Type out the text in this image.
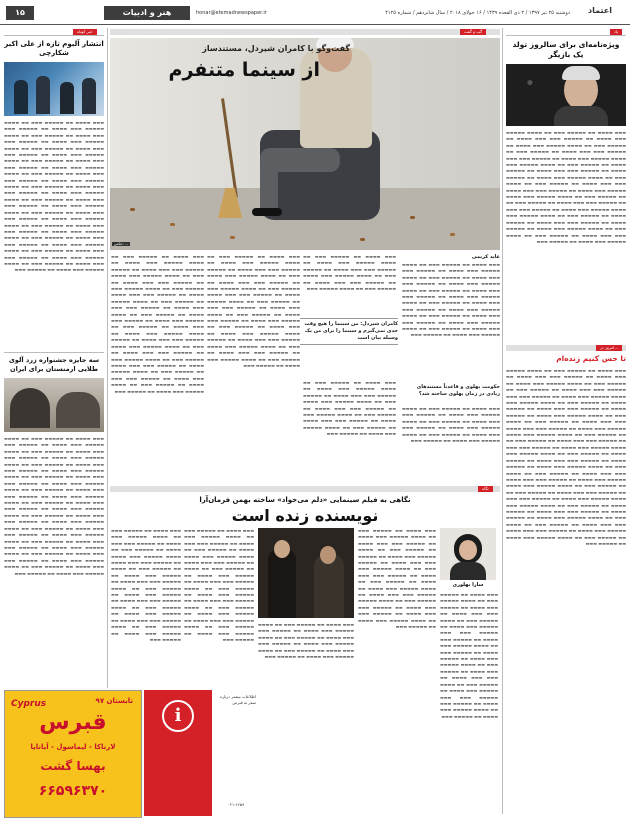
۱۵	هنر و ادبیات	honar@etemadnewspaper.ir	دوشنبه ۲۵ تیر ۱۳۹۷ / ۲ ذی القعده ۱۴۳۹ / ۱۶ جولای ۲۰۱۸ / سال شانزدهم / شماره ۴۱۲۵	اعتماد
خبر کوتاه
انتشار آلبوم تازه از علی اکبر شکارچی
▬▬▬ ▬▬▬▬ ▬▬ ▬▬▬▬▬ ▬▬▬ ▬▬ ▬▬▬▬ ▬▬▬▬▬ ▬▬▬ ▬▬▬▬ ▬▬ ▬▬▬▬▬ ▬▬▬ ▬▬▬ ▬▬▬▬ ▬▬ ▬▬▬▬▬ ▬▬▬ ▬▬ ▬▬▬▬ ▬▬▬▬▬ ▬▬▬ ▬▬▬▬ ▬▬ ▬▬▬▬▬ ▬▬▬ ▬▬▬ ▬▬▬▬ ▬▬ ▬▬▬▬▬ ▬▬▬ ▬▬ ▬▬▬▬ ▬▬▬▬▬ ▬▬▬ ▬▬▬▬ ▬▬ ▬▬▬▬▬ ▬▬▬ ▬▬▬ ▬▬▬▬ ▬▬ ▬▬▬▬▬ ▬▬▬ ▬▬ ▬▬▬▬ ▬▬▬▬▬ ▬▬▬ ▬▬▬▬ ▬▬ ▬▬▬▬▬ ▬▬▬ ▬▬▬ ▬▬▬▬ ▬▬ ▬▬▬▬▬ ▬▬▬ ▬▬ ▬▬▬▬ ▬▬▬▬▬ ▬▬▬ ▬▬▬▬ ▬▬ ▬▬▬▬▬ ▬▬▬ ▬▬▬ ▬▬▬▬ ▬▬ ▬▬▬▬▬ ▬▬▬ ▬▬ ▬▬▬▬ ▬▬▬▬▬ ▬▬▬ ▬▬▬▬ ▬▬ ▬▬▬▬▬ ▬▬▬ ▬▬▬ ▬▬▬▬ ▬▬ ▬▬▬▬▬ ▬▬▬ ▬▬ ▬▬▬▬ ▬▬▬▬▬ ▬▬▬ ▬▬▬▬ ▬▬ ▬▬▬▬▬ ▬▬▬ ▬▬▬ ▬▬▬▬ ▬▬ ▬▬▬▬▬ ▬▬▬ ▬▬ ▬▬▬▬ ▬▬▬▬▬ ▬▬▬ ▬▬▬▬ ▬▬ ▬▬▬▬▬ ▬▬▬ ▬▬▬ ▬▬▬▬ ▬▬ ▬▬▬▬▬ ▬▬▬ ▬▬ ▬▬▬▬ ▬▬▬▬▬ ▬▬▬ ▬▬▬▬ ▬▬ ▬▬▬▬▬ ▬▬▬ ▬▬▬ ▬▬▬▬ ▬▬ ▬▬▬▬▬ ▬▬▬ ▬▬ ▬▬▬▬ ▬▬▬▬▬ ▬▬▬ ▬▬▬▬ ▬▬ ▬▬▬▬▬ ▬▬▬ ▬▬▬ ▬▬▬▬ ▬▬ ▬▬▬▬▬ ▬▬▬ ▬▬ ▬▬▬▬ ▬▬▬▬▬ ▬▬▬ ▬▬▬▬ ▬▬ ▬▬▬▬▬ ▬▬▬ ▬▬▬ ▬▬▬▬ ▬▬ ▬▬▬▬▬ ▬▬▬ ▬▬ ▬▬▬▬ ▬▬▬▬▬ ▬▬▬ ▬▬▬▬ ▬▬ ▬▬▬▬▬ ▬▬▬
سه جایزه جشنواره زرد آلوی طلایی ارمنستان برای ایران
▬▬▬ ▬▬▬▬ ▬▬ ▬▬▬▬▬ ▬▬▬ ▬▬ ▬▬▬▬ ▬▬▬▬▬ ▬▬▬ ▬▬▬▬ ▬▬ ▬▬▬▬▬ ▬▬▬ ▬▬▬ ▬▬▬▬ ▬▬ ▬▬▬▬▬ ▬▬▬ ▬▬ ▬▬▬▬ ▬▬▬▬▬ ▬▬▬ ▬▬▬▬ ▬▬ ▬▬▬▬▬ ▬▬▬ ▬▬▬ ▬▬▬▬ ▬▬ ▬▬▬▬▬ ▬▬▬ ▬▬ ▬▬▬▬ ▬▬▬▬▬ ▬▬▬ ▬▬▬▬ ▬▬ ▬▬▬▬▬ ▬▬▬ ▬▬▬ ▬▬▬▬ ▬▬ ▬▬▬▬▬ ▬▬▬ ▬▬ ▬▬▬▬ ▬▬▬▬▬ ▬▬▬ ▬▬▬▬ ▬▬ ▬▬▬▬▬ ▬▬▬ ▬▬▬ ▬▬▬▬ ▬▬ ▬▬▬▬▬ ▬▬▬ ▬▬ ▬▬▬▬ ▬▬▬▬▬ ▬▬▬ ▬▬▬▬ ▬▬ ▬▬▬▬▬ ▬▬▬ ▬▬▬ ▬▬▬▬ ▬▬ ▬▬▬▬▬ ▬▬▬ ▬▬ ▬▬▬▬ ▬▬▬▬▬ ▬▬▬ ▬▬▬▬ ▬▬ ▬▬▬▬▬ ▬▬▬ ▬▬▬ ▬▬▬▬ ▬▬ ▬▬▬▬▬ ▬▬▬ ▬▬ ▬▬▬▬ ▬▬▬▬▬ ▬▬▬ ▬▬▬▬ ▬▬ ▬▬▬▬▬ ▬▬▬ ▬▬▬ ▬▬▬▬ ▬▬ ▬▬▬▬▬ ▬▬▬ ▬▬ ▬▬▬▬ ▬▬▬▬▬ ▬▬▬ ▬▬▬▬ ▬▬ ▬▬▬▬▬ ▬▬▬ ▬▬▬ ▬▬▬▬ ▬▬ ▬▬▬▬▬ ▬▬▬ ▬▬ ▬▬▬▬ ▬▬▬▬▬ ▬▬▬ ▬▬▬▬ ▬▬ ▬▬▬▬▬ ▬▬▬ ▬▬▬ ▬▬▬▬ ▬▬ ▬▬▬▬▬ ▬▬▬ ▬▬ ▬▬▬▬ ▬▬▬▬▬ ▬▬▬ ▬▬▬▬ ▬▬ ▬▬▬▬▬ ▬▬▬ ▬▬▬ ▬▬▬▬ ▬▬ ▬▬▬▬▬ ▬▬▬ ▬▬ ▬▬▬▬ ▬▬▬▬▬ ▬▬▬ ▬▬▬▬ ▬▬ ▬▬▬▬▬ ▬▬▬
گپ و گفت
گفت‌وگو با کامران شیردل، مستند‌ساز
از سینما متنفرم
عکس: ...
▬▬▬ ▬▬▬▬ ▬▬ ▬▬▬▬▬ ▬▬▬ ▬▬ ▬▬▬▬ ▬▬▬▬▬ ▬▬▬ ▬▬▬▬ ▬▬ ▬▬▬▬▬ ▬▬▬ ▬▬▬ ▬▬▬▬ ▬▬ ▬▬▬▬▬ ▬▬▬ ▬▬ ▬▬▬▬ ▬▬▬▬▬ ▬▬▬ ▬▬▬▬ ▬▬ ▬▬▬▬▬ ▬▬▬ ▬▬▬ ▬▬▬▬ ▬▬ ▬▬▬▬▬ ▬▬▬ ▬▬ ▬▬▬▬ ▬▬▬▬▬ ▬▬▬ ▬▬▬▬ ▬▬ ▬▬▬▬▬ ▬▬▬ ▬▬▬ ▬▬▬▬ ▬▬ ▬▬▬▬▬ ▬▬▬ ▬▬ ▬▬▬▬ ▬▬▬▬▬ ▬▬▬ ▬▬▬▬ ▬▬ ▬▬▬▬▬ ▬▬▬ ▬▬▬ ▬▬▬▬ ▬▬ ▬▬▬▬▬ ▬▬▬ ▬▬ ▬▬▬▬ ▬▬▬▬▬ ▬▬▬ ▬▬▬▬ ▬▬ ▬▬▬▬▬ ▬▬▬ ▬▬▬ ▬▬▬▬ ▬▬ ▬▬▬▬▬ ▬▬▬ ▬▬ ▬▬▬▬ ▬▬▬▬▬ ▬▬▬ ▬▬▬▬ ▬▬ ▬▬▬▬▬ ▬▬▬ ▬▬▬ ▬▬▬▬ ▬▬ ▬▬▬▬▬ ▬▬▬ ▬▬ ▬▬▬▬ ▬▬▬▬▬ ▬▬▬ ▬▬▬▬ ▬▬ ▬▬▬▬▬ ▬▬▬ ▬▬▬ ▬▬▬▬ ▬▬ ▬▬▬▬▬ ▬▬▬ ▬▬ ▬▬▬▬ ▬▬▬▬▬ ▬▬▬ ▬▬▬▬ ▬▬ ▬▬▬▬▬ ▬▬▬ ▬▬▬ ▬▬▬▬ ▬▬ ▬▬▬▬▬ ▬▬▬ ▬▬ ▬▬▬▬ ▬▬▬▬▬ ▬▬▬ ▬▬▬▬ ▬▬ ▬▬▬▬▬ ▬▬▬ ▬▬▬ ▬▬▬▬ ▬▬ ▬▬▬▬▬ ▬▬▬ ▬▬ ▬▬▬▬ ▬▬▬▬▬ ▬▬▬ ▬▬▬▬ ▬▬ ▬▬▬▬▬ ▬▬▬
▬▬▬ ▬▬▬▬ ▬▬ ▬▬▬▬▬ ▬▬▬ ▬▬ ▬▬▬▬ ▬▬▬▬▬ ▬▬▬ ▬▬▬▬ ▬▬ ▬▬▬▬▬ ▬▬▬ ▬▬▬ ▬▬▬▬ ▬▬ ▬▬▬▬▬ ▬▬▬ ▬▬ ▬▬▬▬ ▬▬▬▬▬ ▬▬▬ ▬▬▬▬ ▬▬ ▬▬▬▬▬ ▬▬▬ ▬▬▬ ▬▬▬▬ ▬▬ ▬▬▬▬▬ ▬▬▬ ▬▬ ▬▬▬▬ ▬▬▬▬▬ ▬▬▬ ▬▬▬▬ ▬▬ ▬▬▬▬▬ ▬▬▬ ▬▬▬ ▬▬▬▬ ▬▬ ▬▬▬▬▬ ▬▬▬ ▬▬ ▬▬▬▬ ▬▬▬▬▬ ▬▬▬ ▬▬▬▬ ▬▬ ▬▬▬▬▬ ▬▬▬ ▬▬▬ ▬▬▬▬ ▬▬ ▬▬▬▬▬ ▬▬▬ ▬▬ ▬▬▬▬ ▬▬▬▬▬ ▬▬▬ ▬▬▬▬ ▬▬ ▬▬▬▬▬ ▬▬▬ ▬▬▬ ▬▬▬▬ ▬▬ ▬▬▬▬▬ ▬▬▬ ▬▬ ▬▬▬▬ ▬▬▬▬▬ ▬▬▬ ▬▬▬▬ ▬▬ ▬▬▬▬▬ ▬▬▬ ▬▬▬ ▬▬▬▬ ▬▬ ▬▬▬▬▬ ▬▬▬ ▬▬ ▬▬▬▬ ▬▬▬▬▬ ▬▬▬ ▬▬▬▬ ▬▬ ▬▬▬▬▬ ▬▬▬ ▬▬▬ ▬▬▬▬ ▬▬ ▬▬▬▬▬ ▬▬▬ ▬▬ ▬▬▬▬ ▬▬▬▬▬ ▬▬▬ ▬▬▬▬ ▬▬ ▬▬▬▬▬ ▬▬▬
کامران شیردل: من سینما را هیچ وقت جدی نمی‌گیرم و سینما را برای من یک وسیله بیان است
▬▬▬ ▬▬▬▬ ▬▬ ▬▬▬▬▬ ▬▬▬ ▬▬ ▬▬▬▬ ▬▬▬▬▬ ▬▬▬ ▬▬▬▬ ▬▬ ▬▬▬▬▬ ▬▬▬ ▬▬▬ ▬▬▬▬ ▬▬ ▬▬▬▬▬ ▬▬▬ ▬▬ ▬▬▬▬ ▬▬▬▬▬ ▬▬▬ ▬▬▬▬ ▬▬ ▬▬▬▬▬ ▬▬▬ ▬▬▬ ▬▬▬▬ ▬▬ ▬▬▬▬▬ ▬▬▬ ▬▬ ▬▬▬▬ ▬▬▬▬▬ ▬▬▬
▬▬▬ ▬▬▬▬ ▬▬ ▬▬▬▬▬ ▬▬▬ ▬▬ ▬▬▬▬ ▬▬▬▬▬ ▬▬▬ ▬▬▬▬ ▬▬ ▬▬▬▬▬ ▬▬▬ ▬▬▬ ▬▬▬▬ ▬▬ ▬▬▬▬▬ ▬▬▬ ▬▬ ▬▬▬▬ ▬▬▬▬▬ ▬▬▬ ▬▬▬▬ ▬▬ ▬▬▬▬▬ ▬▬▬ ▬▬▬ ▬▬▬▬ ▬▬ ▬▬▬▬▬ ▬▬▬ ▬▬ ▬▬▬▬ ▬▬▬▬▬ ▬▬▬ ▬▬▬▬ ▬▬ ▬▬▬▬▬ ▬▬▬ ▬▬▬ ▬▬▬▬ ▬▬ ▬▬▬▬▬ ▬▬▬ ▬▬ ▬▬▬▬ ▬▬▬▬▬ ▬▬▬ ▬▬▬▬ ▬▬ ▬▬▬▬▬ ▬▬▬
عاید کریمی
▬▬▬ ▬▬▬▬ ▬▬ ▬▬▬▬▬ ▬▬▬ ▬▬ ▬▬▬▬ ▬▬▬▬▬ ▬▬▬ ▬▬▬▬ ▬▬ ▬▬▬▬▬ ▬▬▬ ▬▬▬ ▬▬▬▬ ▬▬ ▬▬▬▬▬ ▬▬▬ ▬▬ ▬▬▬▬ ▬▬▬▬▬ ▬▬▬ ▬▬▬▬ ▬▬ ▬▬▬▬▬ ▬▬▬ ▬▬▬ ▬▬▬▬ ▬▬ ▬▬▬▬▬ ▬▬▬ ▬▬ ▬▬▬▬ ▬▬▬▬▬ ▬▬▬ ▬▬▬▬ ▬▬ ▬▬▬▬▬ ▬▬▬ ▬▬▬ ▬▬▬▬ ▬▬ ▬▬▬▬▬ ▬▬▬ ▬▬ ▬▬▬▬ ▬▬▬▬▬ ▬▬▬ ▬▬▬▬ ▬▬ ▬▬▬▬▬ ▬▬▬ ▬▬▬ ▬▬▬▬ ▬▬ ▬▬▬▬▬ ▬▬▬ ▬▬ ▬▬▬▬ ▬▬▬▬▬ ▬▬▬ ▬▬▬▬ ▬▬ ▬▬▬▬▬ ▬▬▬ ▬▬▬ ▬▬▬▬ ▬▬ ▬▬▬▬▬ ▬▬▬ ▬▬ ▬▬▬▬ ▬▬▬▬▬ ▬▬▬ ▬▬▬▬ ▬▬ ▬▬▬▬▬ ▬▬▬
حکومت پهلوی و قاعدتاً مستندهای زیادی در زمان پهلوی ساخته شد؟
▬▬▬ ▬▬▬▬ ▬▬ ▬▬▬▬▬ ▬▬▬ ▬▬ ▬▬▬▬ ▬▬▬▬▬ ▬▬▬ ▬▬▬▬ ▬▬ ▬▬▬▬▬ ▬▬▬ ▬▬▬ ▬▬▬▬ ▬▬ ▬▬▬▬▬ ▬▬▬ ▬▬ ▬▬▬▬ ▬▬▬▬▬ ▬▬▬ ▬▬▬▬ ▬▬ ▬▬▬▬▬ ▬▬▬ ▬▬▬ ▬▬▬▬ ▬▬ ▬▬▬▬▬ ▬▬▬ ▬▬ ▬▬▬▬ ▬▬▬▬▬ ▬▬▬ ▬▬▬▬ ▬▬ ▬▬▬▬▬ ▬▬▬
نگاه
نگاهی به فیلم سینمایی «دلم می‌خواد» ساخته بهمن فرمان‌آرا
نویسنده زنده است
سارا بهلوری
▬▬▬ ▬▬▬▬ ▬▬ ▬▬▬▬▬ ▬▬▬ ▬▬ ▬▬▬▬ ▬▬▬▬▬ ▬▬▬ ▬▬▬▬ ▬▬ ▬▬▬▬▬ ▬▬▬ ▬▬▬ ▬▬▬▬ ▬▬ ▬▬▬▬▬ ▬▬▬ ▬▬ ▬▬▬▬ ▬▬▬▬▬ ▬▬▬ ▬▬▬▬ ▬▬ ▬▬▬▬▬ ▬▬▬ ▬▬▬ ▬▬▬▬ ▬▬ ▬▬▬▬▬ ▬▬▬ ▬▬ ▬▬▬▬ ▬▬▬▬▬ ▬▬▬ ▬▬▬▬ ▬▬ ▬▬▬▬▬ ▬▬▬ ▬▬▬ ▬▬▬▬ ▬▬ ▬▬▬▬▬ ▬▬▬ ▬▬ ▬▬▬▬ ▬▬▬▬▬ ▬▬▬ ▬▬▬▬ ▬▬ ▬▬▬▬▬ ▬▬▬ ▬▬▬ ▬▬▬▬ ▬▬ ▬▬▬▬▬ ▬▬▬ ▬▬ ▬▬▬▬ ▬▬▬▬▬ ▬▬▬ ▬▬▬▬ ▬▬ ▬▬▬▬▬ ▬▬▬ ▬▬▬ ▬▬▬▬ ▬▬ ▬▬▬▬▬ ▬▬▬ ▬▬ ▬▬▬▬ ▬▬▬▬▬ ▬▬▬ ▬▬▬▬ ▬▬ ▬▬▬▬▬ ▬▬▬
▬▬▬ ▬▬▬▬ ▬▬ ▬▬▬▬▬ ▬▬▬ ▬▬ ▬▬▬▬ ▬▬▬▬▬ ▬▬▬ ▬▬▬▬ ▬▬ ▬▬▬▬▬ ▬▬▬ ▬▬▬ ▬▬▬▬ ▬▬ ▬▬▬▬▬ ▬▬▬ ▬▬ ▬▬▬▬ ▬▬▬▬▬ ▬▬▬ ▬▬▬▬ ▬▬ ▬▬▬▬▬ ▬▬▬ ▬▬▬ ▬▬▬▬ ▬▬ ▬▬▬▬▬ ▬▬▬ ▬▬ ▬▬▬▬ ▬▬▬▬▬ ▬▬▬ ▬▬▬▬ ▬▬ ▬▬▬▬▬ ▬▬▬ ▬▬▬ ▬▬▬▬ ▬▬ ▬▬▬▬▬ ▬▬▬ ▬▬ ▬▬▬▬ ▬▬▬▬▬ ▬▬▬ ▬▬▬▬ ▬▬ ▬▬▬▬▬ ▬▬▬ ▬▬▬ ▬▬▬▬ ▬▬ ▬▬▬▬▬ ▬▬▬ ▬▬ ▬▬▬▬ ▬▬▬▬▬ ▬▬▬ ▬▬▬▬ ▬▬ ▬▬▬▬▬ ▬▬▬ ▬▬▬ ▬▬▬▬ ▬▬ ▬▬▬▬▬ ▬▬▬ ▬▬ ▬▬▬▬ ▬▬▬▬▬ ▬▬▬ ▬▬▬▬ ▬▬ ▬▬▬▬▬ ▬▬▬
▬▬▬ ▬▬▬▬ ▬▬ ▬▬▬▬▬ ▬▬▬ ▬▬ ▬▬▬▬ ▬▬▬▬▬ ▬▬▬ ▬▬▬▬ ▬▬ ▬▬▬▬▬ ▬▬▬ ▬▬▬ ▬▬▬▬ ▬▬ ▬▬▬▬▬ ▬▬▬ ▬▬ ▬▬▬▬ ▬▬▬▬▬ ▬▬▬ ▬▬▬▬ ▬▬ ▬▬▬▬▬ ▬▬▬ ▬▬▬ ▬▬▬▬ ▬▬ ▬▬▬▬▬ ▬▬▬ ▬▬ ▬▬▬▬ ▬▬▬▬▬ ▬▬▬ ▬▬▬▬ ▬▬ ▬▬▬▬▬ ▬▬▬
▬▬▬ ▬▬▬▬ ▬▬ ▬▬▬▬▬ ▬▬▬ ▬▬ ▬▬▬▬ ▬▬▬▬▬ ▬▬▬ ▬▬▬▬ ▬▬ ▬▬▬▬▬ ▬▬▬ ▬▬▬ ▬▬▬▬ ▬▬ ▬▬▬▬▬ ▬▬▬ ▬▬ ▬▬▬▬ ▬▬▬▬▬ ▬▬▬ ▬▬▬▬ ▬▬ ▬▬▬▬▬ ▬▬▬ ▬▬▬ ▬▬▬▬ ▬▬ ▬▬▬▬▬ ▬▬▬ ▬▬ ▬▬▬▬ ▬▬▬▬▬ ▬▬▬ ▬▬▬▬ ▬▬ ▬▬▬▬▬ ▬▬▬ ▬▬▬ ▬▬▬▬ ▬▬ ▬▬▬▬▬ ▬▬▬ ▬▬ ▬▬▬▬ ▬▬▬▬▬ ▬▬▬ ▬▬▬▬ ▬▬ ▬▬▬▬▬ ▬▬▬ ▬▬▬ ▬▬▬▬ ▬▬ ▬▬▬▬▬ ▬▬▬ ▬▬ ▬▬▬▬ ▬▬▬▬▬ ▬▬▬ ▬▬▬▬ ▬▬ ▬▬▬▬▬ ▬▬▬ ▬▬▬ ▬▬▬▬ ▬▬ ▬▬▬▬▬ ▬▬▬ ▬▬ ▬▬▬▬ ▬▬▬▬▬ ▬▬▬ ▬▬▬▬ ▬▬ ▬▬▬▬▬ ▬▬▬
▬▬▬ ▬▬▬▬ ▬▬ ▬▬▬▬▬ ▬▬▬ ▬▬ ▬▬▬▬ ▬▬▬▬▬ ▬▬▬ ▬▬▬▬ ▬▬ ▬▬▬▬▬ ▬▬▬ ▬▬▬ ▬▬▬▬ ▬▬ ▬▬▬▬▬ ▬▬▬ ▬▬ ▬▬▬▬ ▬▬▬▬▬ ▬▬▬ ▬▬▬▬ ▬▬ ▬▬▬▬▬ ▬▬▬ ▬▬▬ ▬▬▬▬ ▬▬ ▬▬▬▬▬ ▬▬▬ ▬▬ ▬▬▬▬ ▬▬▬▬▬ ▬▬▬ ▬▬▬▬ ▬▬ ▬▬▬▬▬ ▬▬▬ ▬▬▬ ▬▬▬▬ ▬▬ ▬▬▬▬▬ ▬▬▬ ▬▬ ▬▬▬▬ ▬▬▬▬▬ ▬▬▬ ▬▬▬▬ ▬▬ ▬▬▬▬▬ ▬▬▬ ▬▬▬ ▬▬▬▬ ▬▬ ▬▬▬▬▬ ▬▬▬ ▬▬ ▬▬▬▬ ▬▬▬▬▬ ▬▬▬ ▬▬▬▬ ▬▬ ▬▬▬▬▬ ▬▬▬ ▬▬▬ ▬▬▬▬ ▬▬ ▬▬▬▬▬ ▬▬▬ ▬▬ ▬▬▬▬ ▬▬▬▬▬ ▬▬▬ ▬▬▬▬ ▬▬ ▬▬▬▬▬ ▬▬▬
Cyprus	تابستان ۹۷
قبرس
لارناکا - لیماسول - آیانایا
بهسا گشت
۶۶۵۹۶۳۷۰
i
اطلاعات بیشتر درباره سفر به قبرس
۰۲۱-۶۶۵۹
یاد
ویژه‌نامه‌ای برای سالروز تولد یک بازیگر
▬▬▬ ▬▬▬▬ ▬▬ ▬▬▬▬▬ ▬▬▬ ▬▬ ▬▬▬▬ ▬▬▬▬▬ ▬▬▬ ▬▬▬▬ ▬▬ ▬▬▬▬▬ ▬▬▬ ▬▬▬ ▬▬▬▬ ▬▬ ▬▬▬▬▬ ▬▬▬ ▬▬ ▬▬▬▬ ▬▬▬▬▬ ▬▬▬ ▬▬▬▬ ▬▬ ▬▬▬▬▬ ▬▬▬ ▬▬▬ ▬▬▬▬ ▬▬ ▬▬▬▬▬ ▬▬▬ ▬▬ ▬▬▬▬ ▬▬▬▬▬ ▬▬▬ ▬▬▬▬ ▬▬ ▬▬▬▬▬ ▬▬▬ ▬▬▬ ▬▬▬▬ ▬▬ ▬▬▬▬▬ ▬▬▬ ▬▬ ▬▬▬▬ ▬▬▬▬▬ ▬▬▬ ▬▬▬▬ ▬▬ ▬▬▬▬▬ ▬▬▬ ▬▬▬ ▬▬▬▬ ▬▬ ▬▬▬▬▬ ▬▬▬ ▬▬ ▬▬▬▬ ▬▬▬▬▬ ▬▬▬ ▬▬▬▬ ▬▬ ▬▬▬▬▬ ▬▬▬ ▬▬▬ ▬▬▬▬ ▬▬ ▬▬▬▬▬ ▬▬▬ ▬▬ ▬▬▬▬ ▬▬▬▬▬ ▬▬▬ ▬▬▬▬ ▬▬ ▬▬▬▬▬ ▬▬▬ ▬▬▬ ▬▬▬▬ ▬▬ ▬▬▬▬▬ ▬▬▬ ▬▬ ▬▬▬▬ ▬▬▬▬▬ ▬▬▬ ▬▬▬▬ ▬▬ ▬▬▬▬▬ ▬▬▬ ▬▬▬ ▬▬▬▬ ▬▬ ▬▬▬▬▬ ▬▬▬ ▬▬ ▬▬▬▬ ▬▬▬▬▬ ▬▬▬ ▬▬▬▬ ▬▬ ▬▬▬▬▬ ▬▬▬ ▬▬▬ ▬▬▬▬ ▬▬ ▬▬▬▬▬ ▬▬▬ ▬▬ ▬▬▬▬ ▬▬▬▬▬ ▬▬▬ ▬▬▬▬ ▬▬ ▬▬▬▬▬ ▬▬▬ ▬▬▬ ▬▬▬▬ ▬▬ ▬▬▬▬▬ ▬▬▬ ▬▬ ▬▬▬▬ ▬▬▬▬▬ ▬▬▬ ▬▬▬▬ ▬▬ ▬▬▬▬▬ ▬▬▬ ▬▬▬ ▬▬▬▬ ▬▬ ▬▬▬▬▬ ▬▬▬ ▬▬ ▬▬▬▬ ▬▬▬▬▬ ▬▬▬ ▬▬▬▬ ▬▬ ▬▬▬▬▬ ▬▬▬
امروز در...
تا حس کنیم زنده‌ام
▬▬▬ ▬▬▬▬ ▬▬ ▬▬▬▬▬ ▬▬▬ ▬▬ ▬▬▬▬ ▬▬▬▬▬ ▬▬▬ ▬▬▬▬ ▬▬ ▬▬▬▬▬ ▬▬▬ ▬▬▬ ▬▬▬▬ ▬▬ ▬▬▬▬▬ ▬▬▬ ▬▬ ▬▬▬▬ ▬▬▬▬▬ ▬▬▬ ▬▬▬▬ ▬▬ ▬▬▬▬▬ ▬▬▬ ▬▬▬ ▬▬▬▬ ▬▬ ▬▬▬▬▬ ▬▬▬ ▬▬ ▬▬▬▬ ▬▬▬▬▬ ▬▬▬ ▬▬▬▬ ▬▬ ▬▬▬▬▬ ▬▬▬ ▬▬▬ ▬▬▬▬ ▬▬ ▬▬▬▬▬ ▬▬▬ ▬▬ ▬▬▬▬ ▬▬▬▬▬ ▬▬▬ ▬▬▬▬ ▬▬ ▬▬▬▬▬ ▬▬▬ ▬▬▬ ▬▬▬▬ ▬▬ ▬▬▬▬▬ ▬▬▬ ▬▬ ▬▬▬▬ ▬▬▬▬▬ ▬▬▬ ▬▬▬▬ ▬▬ ▬▬▬▬▬ ▬▬▬ ▬▬▬ ▬▬▬▬ ▬▬ ▬▬▬▬▬ ▬▬▬ ▬▬ ▬▬▬▬ ▬▬▬▬▬ ▬▬▬ ▬▬▬▬ ▬▬ ▬▬▬▬▬ ▬▬▬ ▬▬▬ ▬▬▬▬ ▬▬ ▬▬▬▬▬ ▬▬▬ ▬▬ ▬▬▬▬ ▬▬▬▬▬ ▬▬▬ ▬▬▬▬ ▬▬ ▬▬▬▬▬ ▬▬▬ ▬▬▬ ▬▬▬▬ ▬▬ ▬▬▬▬▬ ▬▬▬ ▬▬ ▬▬▬▬ ▬▬▬▬▬ ▬▬▬ ▬▬▬▬ ▬▬ ▬▬▬▬▬ ▬▬▬ ▬▬▬ ▬▬▬▬ ▬▬ ▬▬▬▬▬ ▬▬▬ ▬▬ ▬▬▬▬ ▬▬▬▬▬ ▬▬▬ ▬▬▬▬ ▬▬ ▬▬▬▬▬ ▬▬▬ ▬▬▬ ▬▬▬▬ ▬▬ ▬▬▬▬▬ ▬▬▬ ▬▬ ▬▬▬▬ ▬▬▬▬▬ ▬▬▬ ▬▬▬▬ ▬▬ ▬▬▬▬▬ ▬▬▬ ▬▬▬ ▬▬▬▬ ▬▬ ▬▬▬▬▬ ▬▬▬ ▬▬ ▬▬▬▬ ▬▬▬▬▬ ▬▬▬ ▬▬▬▬ ▬▬ ▬▬▬▬▬ ▬▬▬ ▬▬▬ ▬▬▬▬ ▬▬ ▬▬▬▬▬ ▬▬▬ ▬▬ ▬▬▬▬ ▬▬▬▬▬ ▬▬▬ ▬▬▬▬ ▬▬ ▬▬▬▬▬ ▬▬▬ ▬▬▬ ▬▬▬▬ ▬▬ ▬▬▬▬▬ ▬▬▬ ▬▬ ▬▬▬▬ ▬▬▬▬▬ ▬▬▬ ▬▬▬▬ ▬▬ ▬▬▬▬▬ ▬▬▬ ▬▬▬ ▬▬▬▬ ▬▬ ▬▬▬▬▬ ▬▬▬ ▬▬ ▬▬▬▬ ▬▬▬▬▬ ▬▬▬ ▬▬▬▬ ▬▬ ▬▬▬▬▬ ▬▬▬ ▬▬▬ ▬▬▬▬ ▬▬ ▬▬▬▬▬ ▬▬▬ ▬▬ ▬▬▬▬ ▬▬▬▬▬ ▬▬▬ ▬▬▬▬ ▬▬ ▬▬▬▬▬ ▬▬▬ ▬▬▬ ▬▬▬▬ ▬▬ ▬▬▬▬▬ ▬▬▬ ▬▬ ▬▬▬▬ ▬▬▬▬▬ ▬▬▬ ▬▬▬▬ ▬▬ ▬▬▬▬▬ ▬▬▬ ▬▬▬ ▬▬▬▬ ▬▬ ▬▬▬▬▬ ▬▬▬ ▬▬ ▬▬▬▬ ▬▬▬▬▬ ▬▬▬ ▬▬▬▬ ▬▬ ▬▬▬▬▬ ▬▬▬
